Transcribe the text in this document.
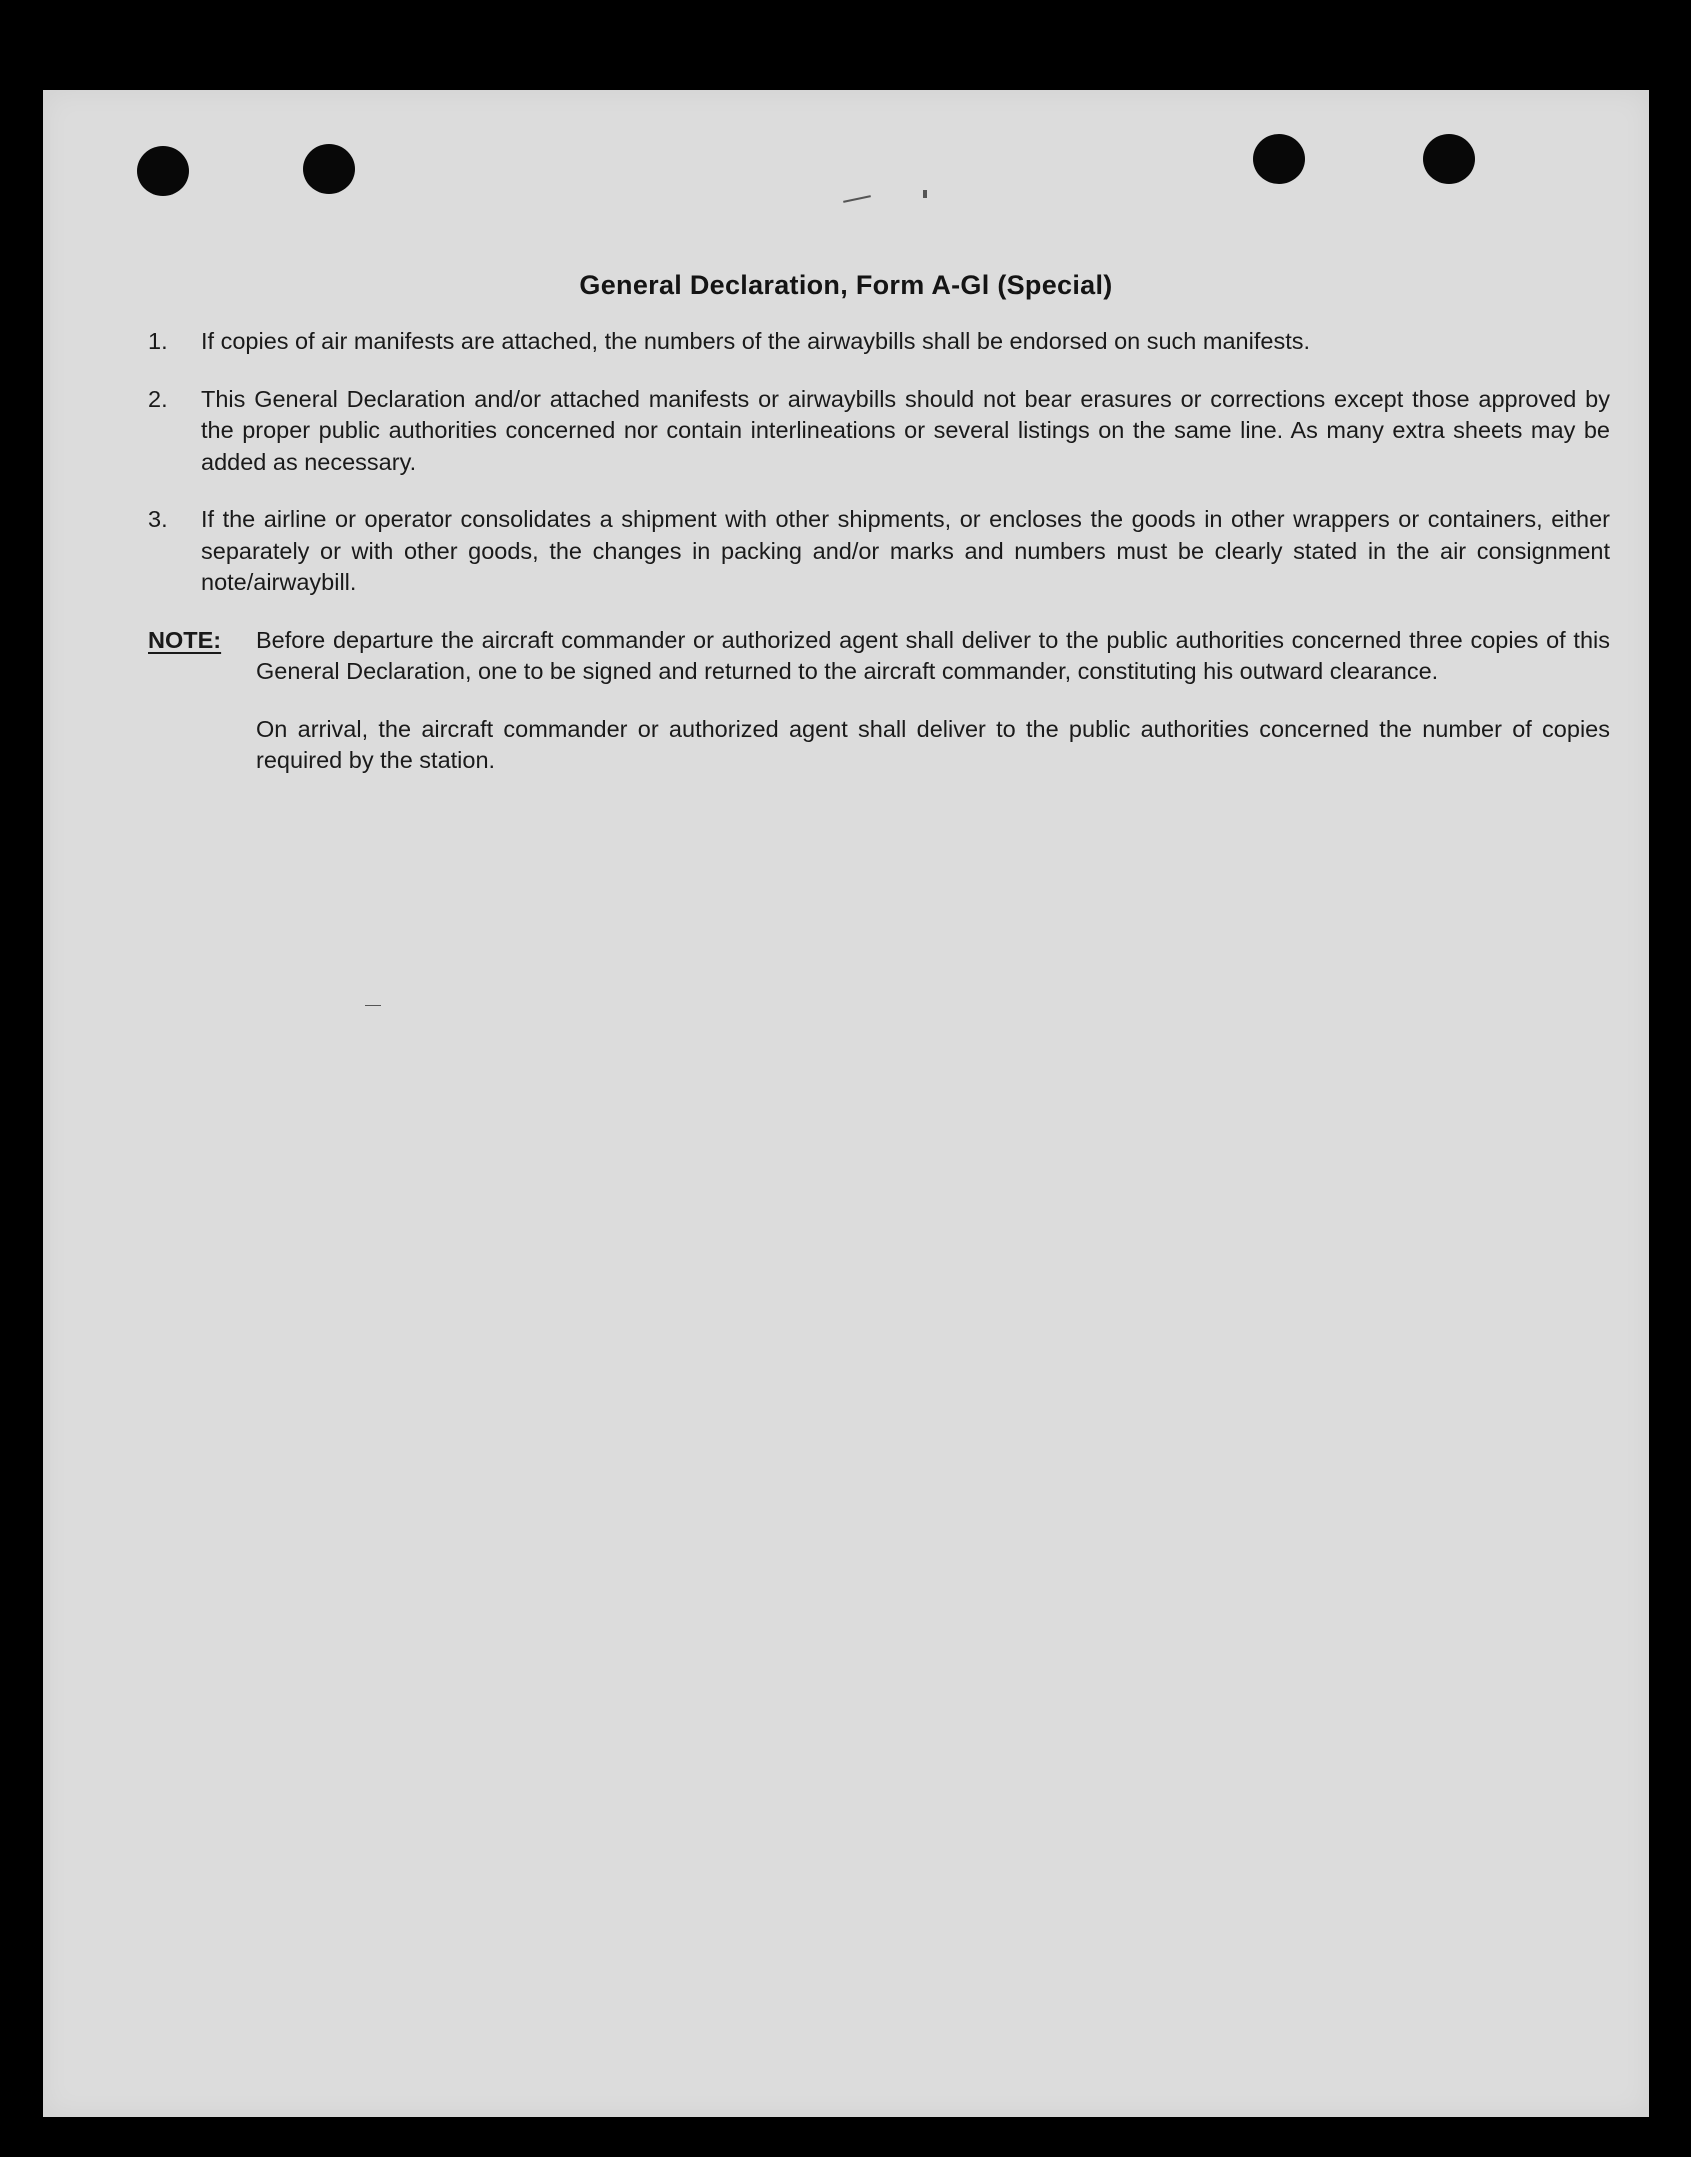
General Declaration, Form A-Gl (Special)
1.	If copies of air manifests are attached, the numbers of the airwaybills shall be endorsed on such manifests.

2.	This General Declaration and/or attached manifests or airwaybills should not bear erasures or corrections except those approved by the proper public authorities concerned nor contain interlineations or several listings on the same line. As many extra sheets may be added as necessary.

3.	If the airline or operator consolidates a shipment with other shipments, or encloses the goods in other wrappers or containers, either separately or with other goods, the changes in packing and/or marks and numbers must be clearly stated in the air consignment note/airwaybill.

NOTE:	Before departure the aircraft commander or authorized agent shall deliver to the public authorities concerned three copies of this General Declaration, one to be signed and returned to the aircraft commander, constituting his outward clearance.

On arrival, the aircraft commander or authorized agent shall deliver to the public authorities concerned the number of copies required by the station.
